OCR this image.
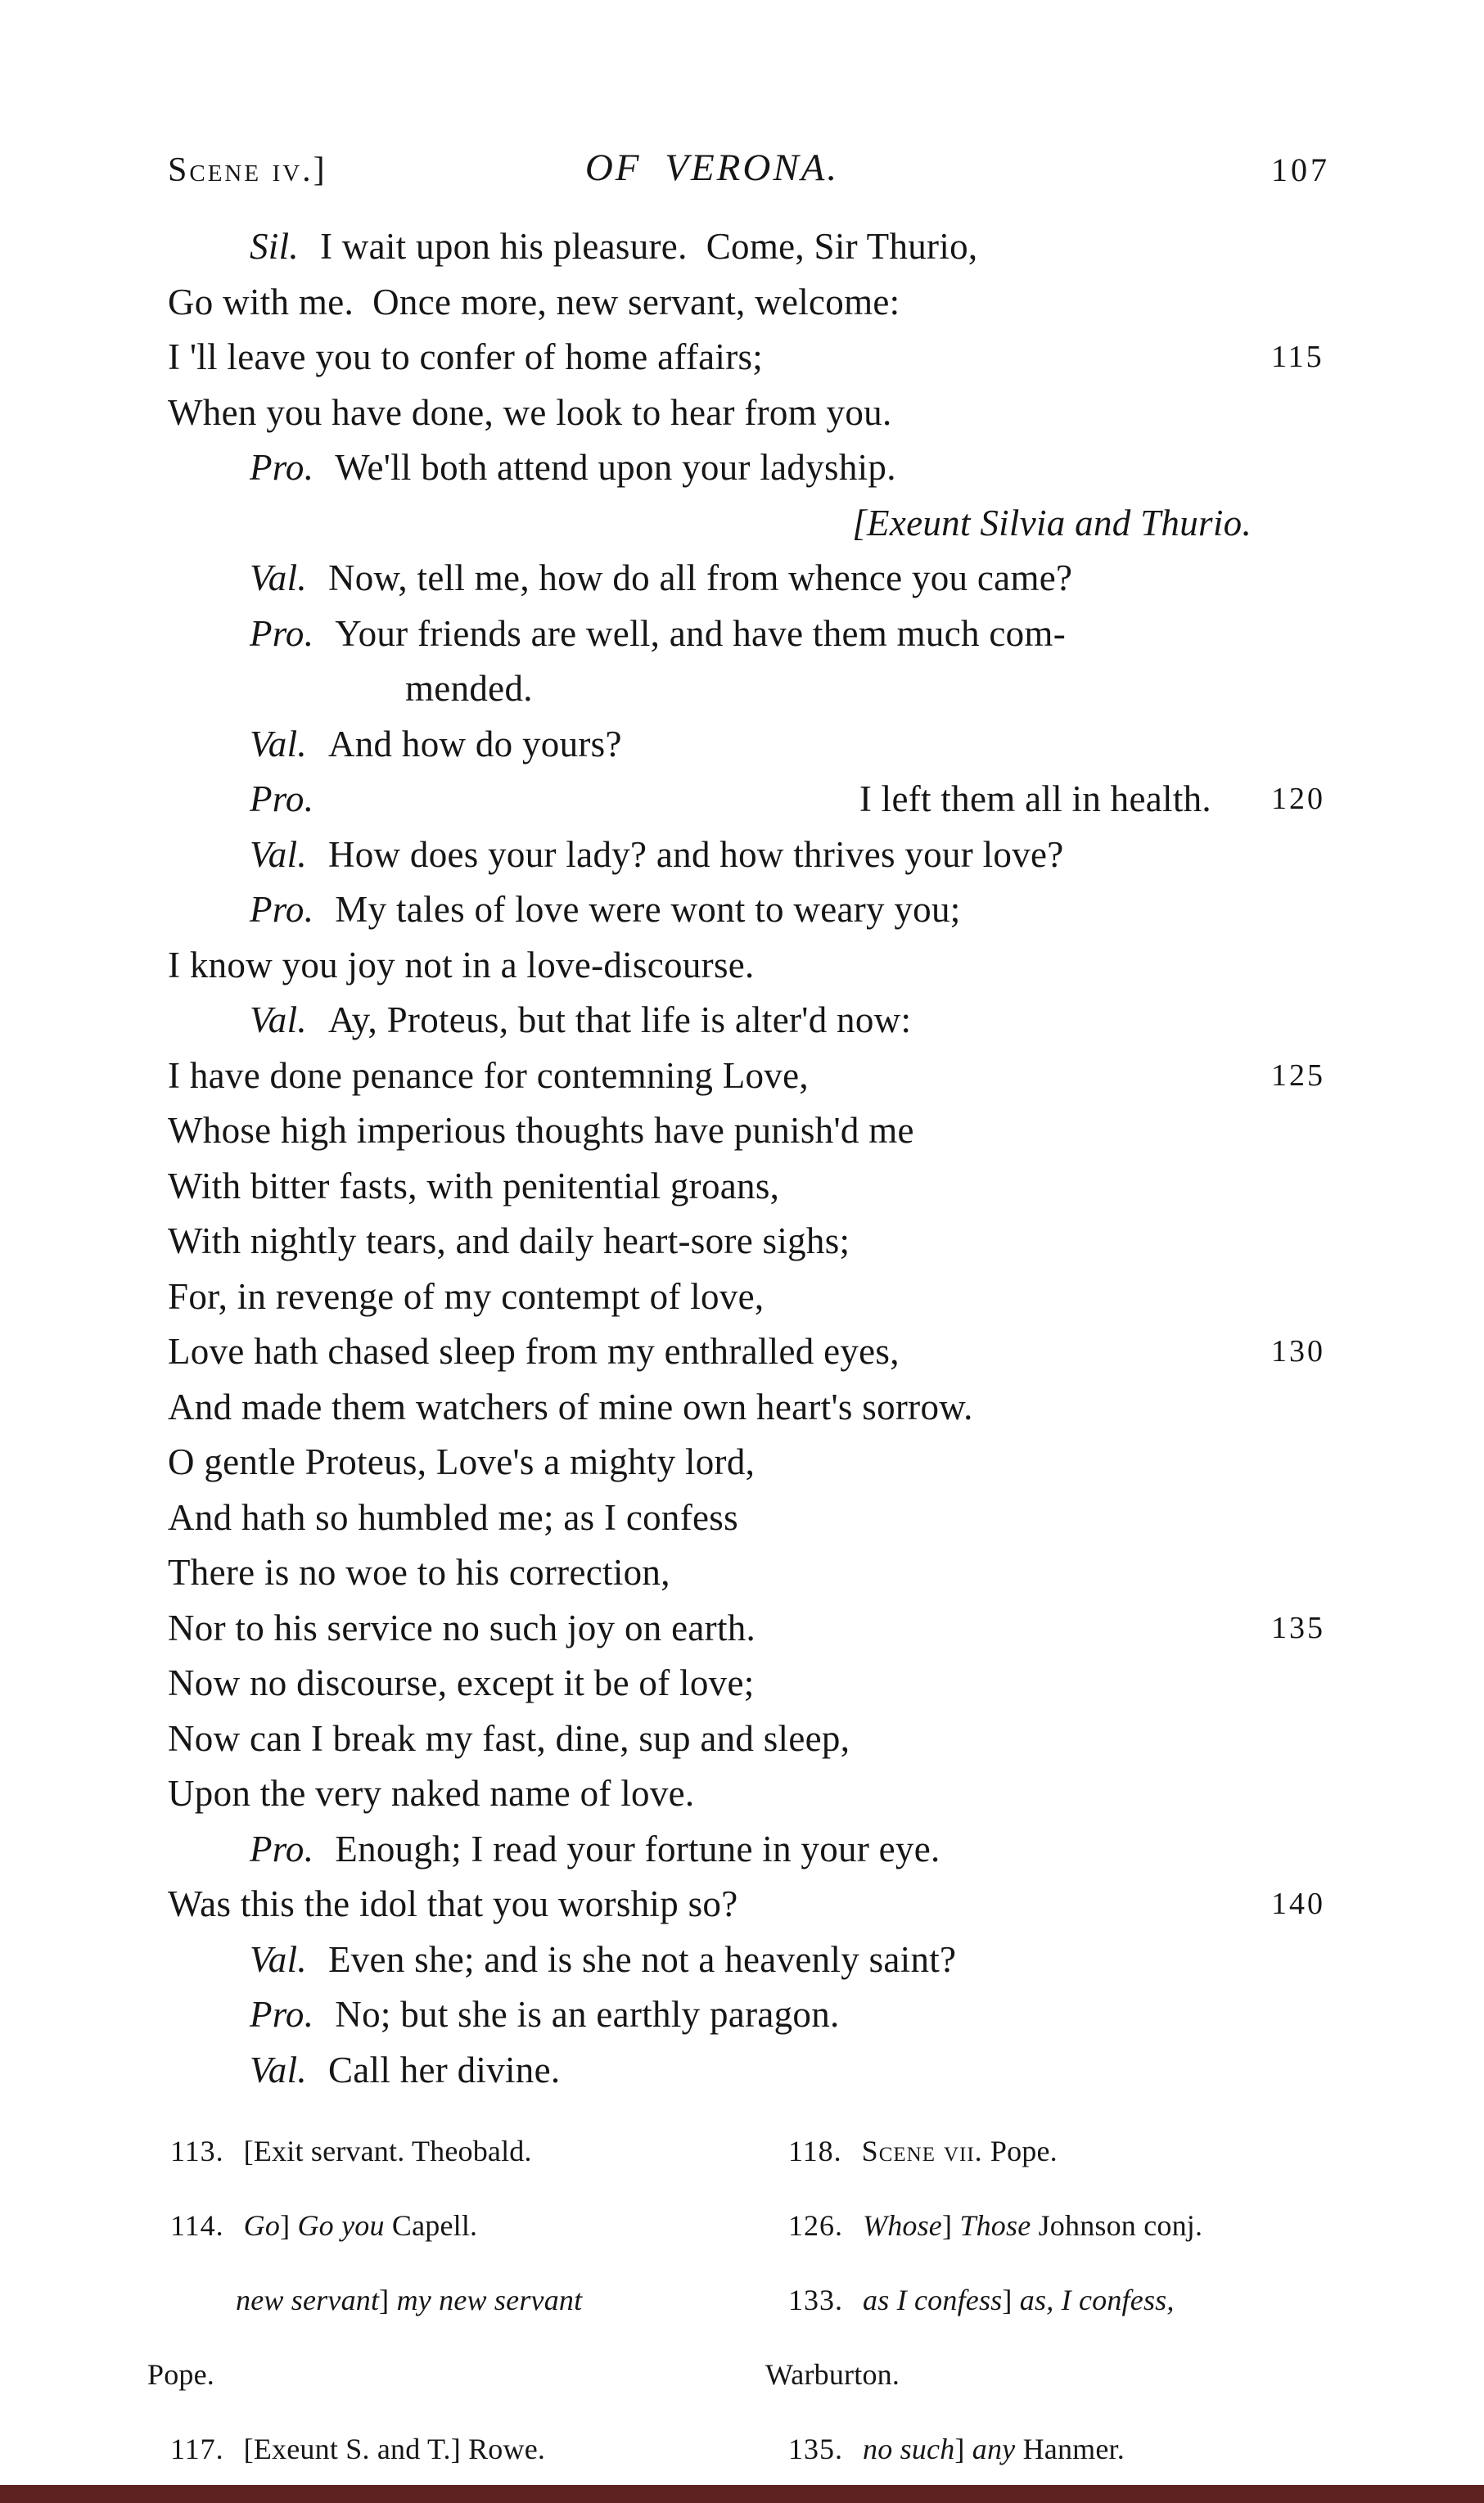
Scene iv.]	OF VERONA.	107
Sil. I wait upon his pleasure.  Come, Sir Thurio,
Go with me.  Once more, new servant, welcome:
I 'll leave you to confer of home affairs;	115
When you have done, we look to hear from you.
Pro. We'll both attend upon your ladyship.
[Exeunt Silvia and Thurio.
Val. Now, tell me, how do all from whence you came?
Pro. Your friends are well, and have them much com-
mended.
Val. And how do yours?
Pro.	I left them all in health. 120
Val. How does your lady? and how thrives your love?
Pro. My tales of love were wont to weary you;
I know you joy not in a love-discourse.
Val. Ay, Proteus, but that life is alter'd now:
I have done penance for contemning Love,	125
Whose high imperious thoughts have punish'd me
With bitter fasts, with penitential groans,
With nightly tears, and daily heart-sore sighs;
For, in revenge of my contempt of love,
Love hath chased sleep from my enthralled eyes,	130
And made them watchers of mine own heart's sorrow.
O gentle Proteus, Love's a mighty lord,
And hath so humbled me; as I confess
There is no woe to his correction,
Nor to his service no such joy on earth.	135
Now no discourse, except it be of love;
Now can I break my fast, dine, sup and sleep,
Upon the very naked name of love.
Pro. Enough; I read your fortune in your eye.
Was this the idol that you worship so?	140
Val. Even she; and is she not a heavenly saint?
Pro. No; but she is an earthly paragon.
Val. Call her divine.

113. [Exit servant. Theobald.

114. Go] Go you Capell.

new servant] my new servant

Pope.

117. [Exeunt S. and T.] Rowe.

118. Scene vii. Pope.

126. Whose] Those Johnson conj.

133. as I confess] as, I confess,

Warburton.

135. no such] any Hanmer.
